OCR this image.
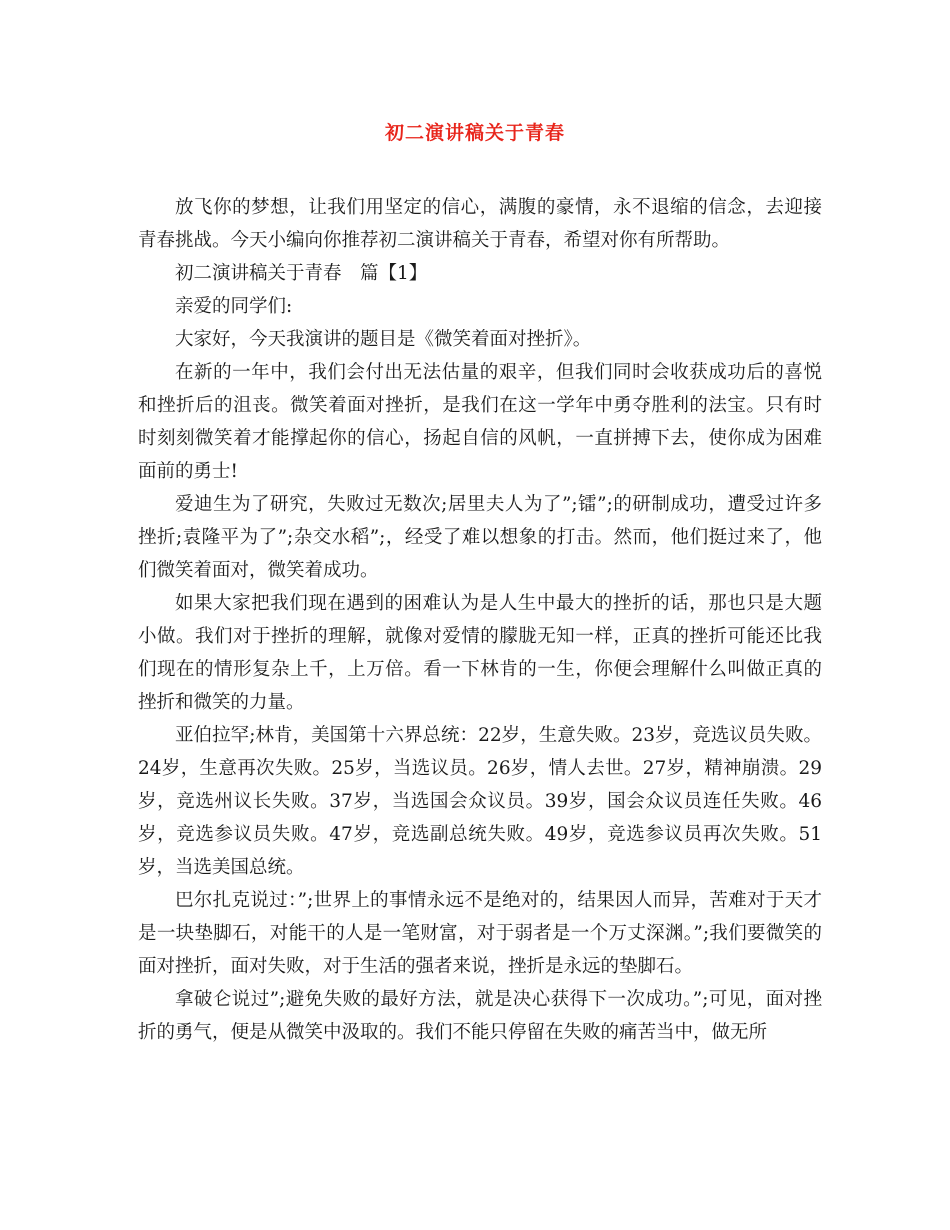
初二演讲稿关于青春

放飞你的梦想，让我们用坚定的信心，满腹的豪情，永不退缩的信念，去迎接青春挑战。今天小编向你推荐初二演讲稿关于青春，希望对你有所帮助。

初二演讲稿关于青春　篇【1】

亲爱的同学们:

大家好，今天我演讲的题目是《微笑着面对挫折》。

在新的一年中，我们会付出无法估量的艰辛，但我们同时会收获成功后的喜悦和挫折后的沮丧。微笑着面对挫折，是我们在这一学年中勇夺胜利的法宝。只有时时刻刻微笑着才能撑起你的信心，扬起自信的风帆，一直拼搏下去，使你成为困难面前的勇士!

爱迪生为了研究，失败过无数次;居里夫人为了”;镭”;的研制成功，遭受过许多挫折;袁隆平为了”;杂交水稻”;，经受了难以想象的打击。然而，他们挺过来了，他们微笑着面对，微笑着成功。

如果大家把我们现在遇到的困难认为是人生中最大的挫折的话，那也只是大题小做。我们对于挫折的理解，就像对爱情的朦胧无知一样，正真的挫折可能还比我们现在的情形复杂上千，上万倍。看一下林肯的一生，你便会理解什么叫做正真的挫折和微笑的力量。

亚伯拉罕;林肯，美国第十六界总统：22岁，生意失败。23岁，竞选议员失败。24岁，生意再次失败。25岁，当选议员。26岁，情人去世。27岁，精神崩溃。29岁，竞选州议长失败。37岁，当选国会众议员。39岁，国会众议员连任失败。46岁，竞选参议员失败。47岁，竞选副总统失败。49岁，竞选参议员再次失败。51岁，当选美国总统。

巴尔扎克说过：”;世界上的事情永远不是绝对的，结果因人而异，苦难对于天才是一块垫脚石，对能干的人是一笔财富，对于弱者是一个万丈深渊。”;我们要微笑的面对挫折，面对失败，对于生活的强者来说，挫折是永远的垫脚石。

拿破仑说过”;避免失败的最好方法，就是决心获得下一次成功。”;可见，面对挫折的勇气，便是从微笑中汲取的。我们不能只停留在失败的痛苦当中，做无所
